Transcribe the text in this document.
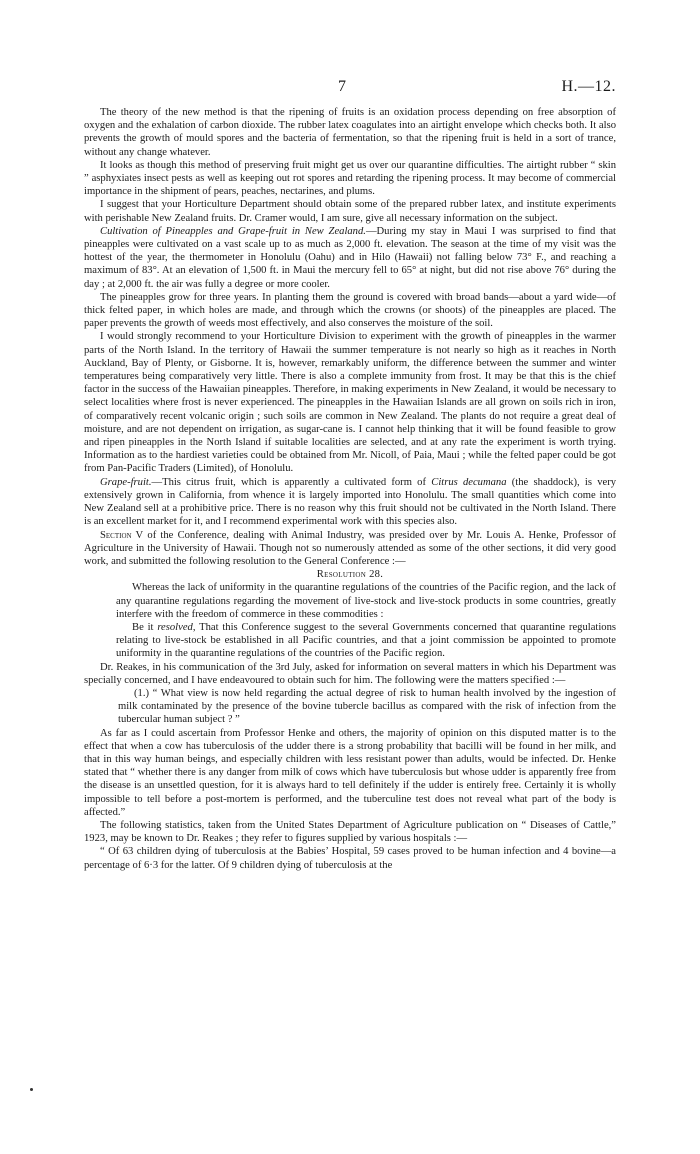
7	H.—12.

The theory of the new method is that the ripening of fruits is an oxidation process depending on free absorption of oxygen and the exhalation of carbon dioxide. The rubber latex coagulates into an airtight envelope which checks both. It also prevents the growth of mould spores and the bacteria of fermentation, so that the ripening fruit is held in a sort of trance, without any change whatever.

It looks as though this method of preserving fruit might get us over our quarantine difficulties. The airtight rubber “ skin ” asphyxiates insect pests as well as keeping out rot spores and retarding the ripening process. It may become of commercial importance in the shipment of pears, peaches, nectarines, and plums.

I suggest that your Horticulture Department should obtain some of the prepared rubber latex, and institute experiments with perishable New Zealand fruits. Dr. Cramer would, I am sure, give all necessary information on the subject.

Cultivation of Pineapples and Grape-fruit in New Zealand.—During my stay in Maui I was surprised to find that pineapples were cultivated on a vast scale up to as much as 2,000 ft. elevation. The season at the time of my visit was the hottest of the year, the thermometer in Honolulu (Oahu) and in Hilo (Hawaii) not falling below 73° F., and reaching a maximum of 83°. At an elevation of 1,500 ft. in Maui the mercury fell to 65° at night, but did not rise above 76° during the day ; at 2,000 ft. the air was fully a degree or more cooler.

The pineapples grow for three years. In planting them the ground is covered with broad bands—about a yard wide—of thick felted paper, in which holes are made, and through which the crowns (or shoots) of the pineapples are placed. The paper prevents the growth of weeds most effectively, and also conserves the moisture of the soil.

I would strongly recommend to your Horticulture Division to experiment with the growth of pineapples in the warmer parts of the North Island. In the territory of Hawaii the summer temperature is not nearly so high as it reaches in North Auckland, Bay of Plenty, or Gisborne. It is, however, remarkably uniform, the difference between the summer and winter temperatures being comparatively very little. There is also a complete immunity from frost. It may be that this is the chief factor in the success of the Hawaiian pineapples. Therefore, in making experiments in New Zealand, it would be necessary to select localities where frost is never experienced. The pineapples in the Hawaiian Islands are all grown on soils rich in iron, of comparatively recent volcanic origin ; such soils are common in New Zealand. The plants do not require a great deal of moisture, and are not dependent on irrigation, as sugar-cane is. I cannot help thinking that it will be found feasible to grow and ripen pineapples in the North Island if suitable localities are selected, and at any rate the experiment is worth trying. Information as to the hardiest varieties could be obtained from Mr. Nicoll, of Paia, Maui ; while the felted paper could be got from Pan-Pacific Traders (Limited), of Honolulu.

Grape-fruit.—This citrus fruit, which is apparently a cultivated form of Citrus decumana (the shaddock), is very extensively grown in California, from whence it is largely imported into Honolulu. The small quantities which come into New Zealand sell at a prohibitive price. There is no reason why this fruit should not be cultivated in the North Island. There is an excellent market for it, and I recommend experimental work with this species also.

Section V of the Conference, dealing with Animal Industry, was presided over by Mr. Louis A. Henke, Professor of Agriculture in the University of Hawaii. Though not so numerously attended as some of the other sections, it did very good work, and submitted the following resolution to the General Conference :—

Resolution 28.

Whereas the lack of uniformity in the quarantine regulations of the countries of the Pacific region, and the lack of any quarantine regulations regarding the movement of live-stock and live-stock products in some countries, greatly interfere with the freedom of commerce in these commodities :

Be it resolved, That this Conference suggest to the several Governments concerned that quarantine regulations relating to live-stock be established in all Pacific countries, and that a joint commission be appointed to promote uniformity in the quarantine regulations of the countries of the Pacific region.

Dr. Reakes, in his communication of the 3rd July, asked for information on several matters in which his Department was specially concerned, and I have endeavoured to obtain such for him. The following were the matters specified :—

(1.) “ What view is now held regarding the actual degree of risk to human health involved by the ingestion of milk contaminated by the presence of the bovine tubercle bacillus as compared with the risk of infection from the tubercular human subject ? ”

As far as I could ascertain from Professor Henke and others, the majority of opinion on this disputed matter is to the effect that when a cow has tuberculosis of the udder there is a strong probability that bacilli will be found in her milk, and that in this way human beings, and especially children with less resistant power than adults, would be infected. Dr. Henke stated that “ whether there is any danger from milk of cows which have tuberculosis but whose udder is apparently free from the disease is an unsettled question, for it is always hard to tell definitely if the udder is entirely free. Certainly it is wholly impossible to tell before a post-mortem is performed, and the tuberculine test does not reveal what part of the body is affected.”

The following statistics, taken from the United States Department of Agriculture publication on “ Diseases of Cattle,” 1923, may be known to Dr. Reakes ; they refer to figures supplied by various hospitals :—

“ Of 63 children dying of tuberculosis at the Babies’ Hospital, 59 cases proved to be human infection and 4 bovine—a percentage of 6·3 for the latter. Of 9 children dying of tuberculosis at the
